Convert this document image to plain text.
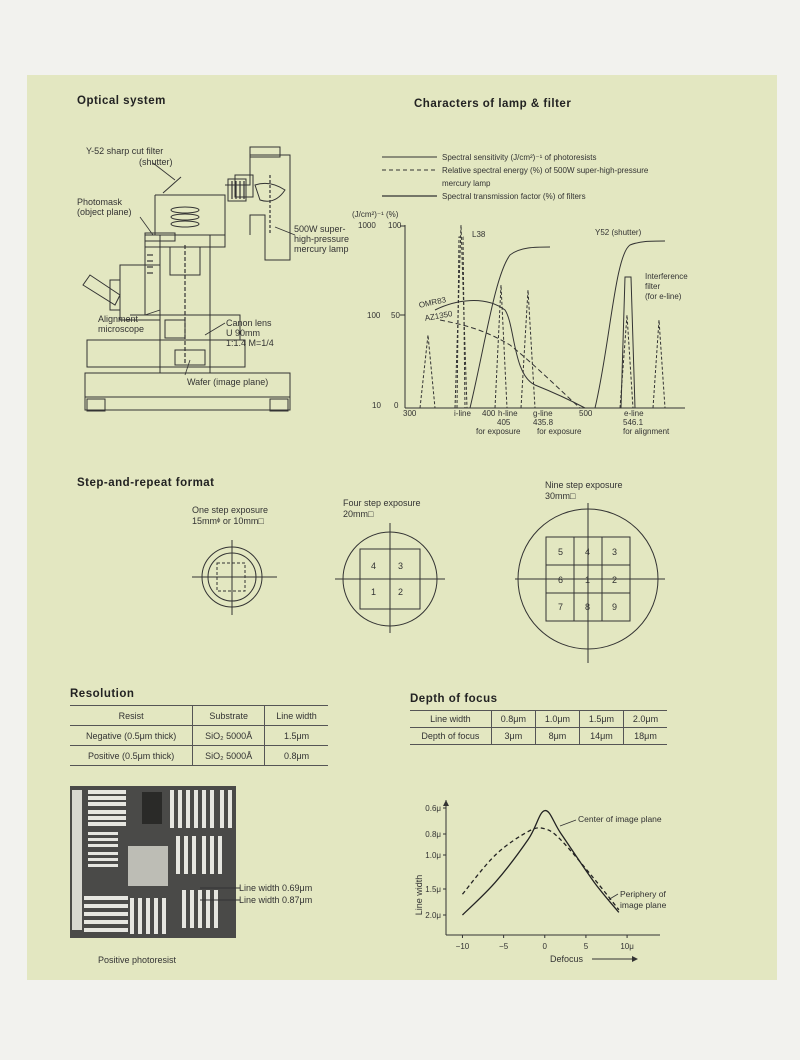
Optical system
Y-52 sharp cut filter
(shutter)
Photomask
(object plane)
500W super-
high-pressure
mercury lamp
Alignment
microscope
Canon lens
U 90mm
1:1.4 M=1/4
Wafer (image plane)
Characters of lamp & filter
Spectral sensitivity (J/cm²)⁻¹ of photoresists
Relative spectral energy (%) of 500W super-high-pressure
mercury lamp
Spectral transmission factor (%) of filters
(J/cm²)⁻¹ (%)
1000
100
10
100
50
0
300	400	500
i-line	h-line
405
for exposure
g-line
435.8
for exposure
e-line
546.1
for alignment
L38	Y52 (shutter)
OMR83
AZ1350
Interference
filter
(for e-line)
Step-and-repeat format
One step exposure
15mmᶲ or 10mm□
Four step exposure
20mm□
4 3
1 2
Nine step exposure
30mm□
5 4 3
6 1 2
7 8 9
Resolution
Resist	Substrate	Line width
Negative (0.5μm thick)	SiO₂ 5000Å	1.5μm
Positive (0.5μm thick)	SiO₂ 5000Å	0.8μm
Line width 0.69μm
Line width 0.87μm
Positive photoresist
Depth of focus
Line width	0.8μm	1.0μm	1.5μm	2.0μm
Depth of focus	3μm	8μm	14μm	18μm
0.6μ
0.8μ
1.0μ
1.5μ
2.0μ
−10	−5	0	5	10μ
Line width
Defocus
Center of image plane
Periphery of
image plane
